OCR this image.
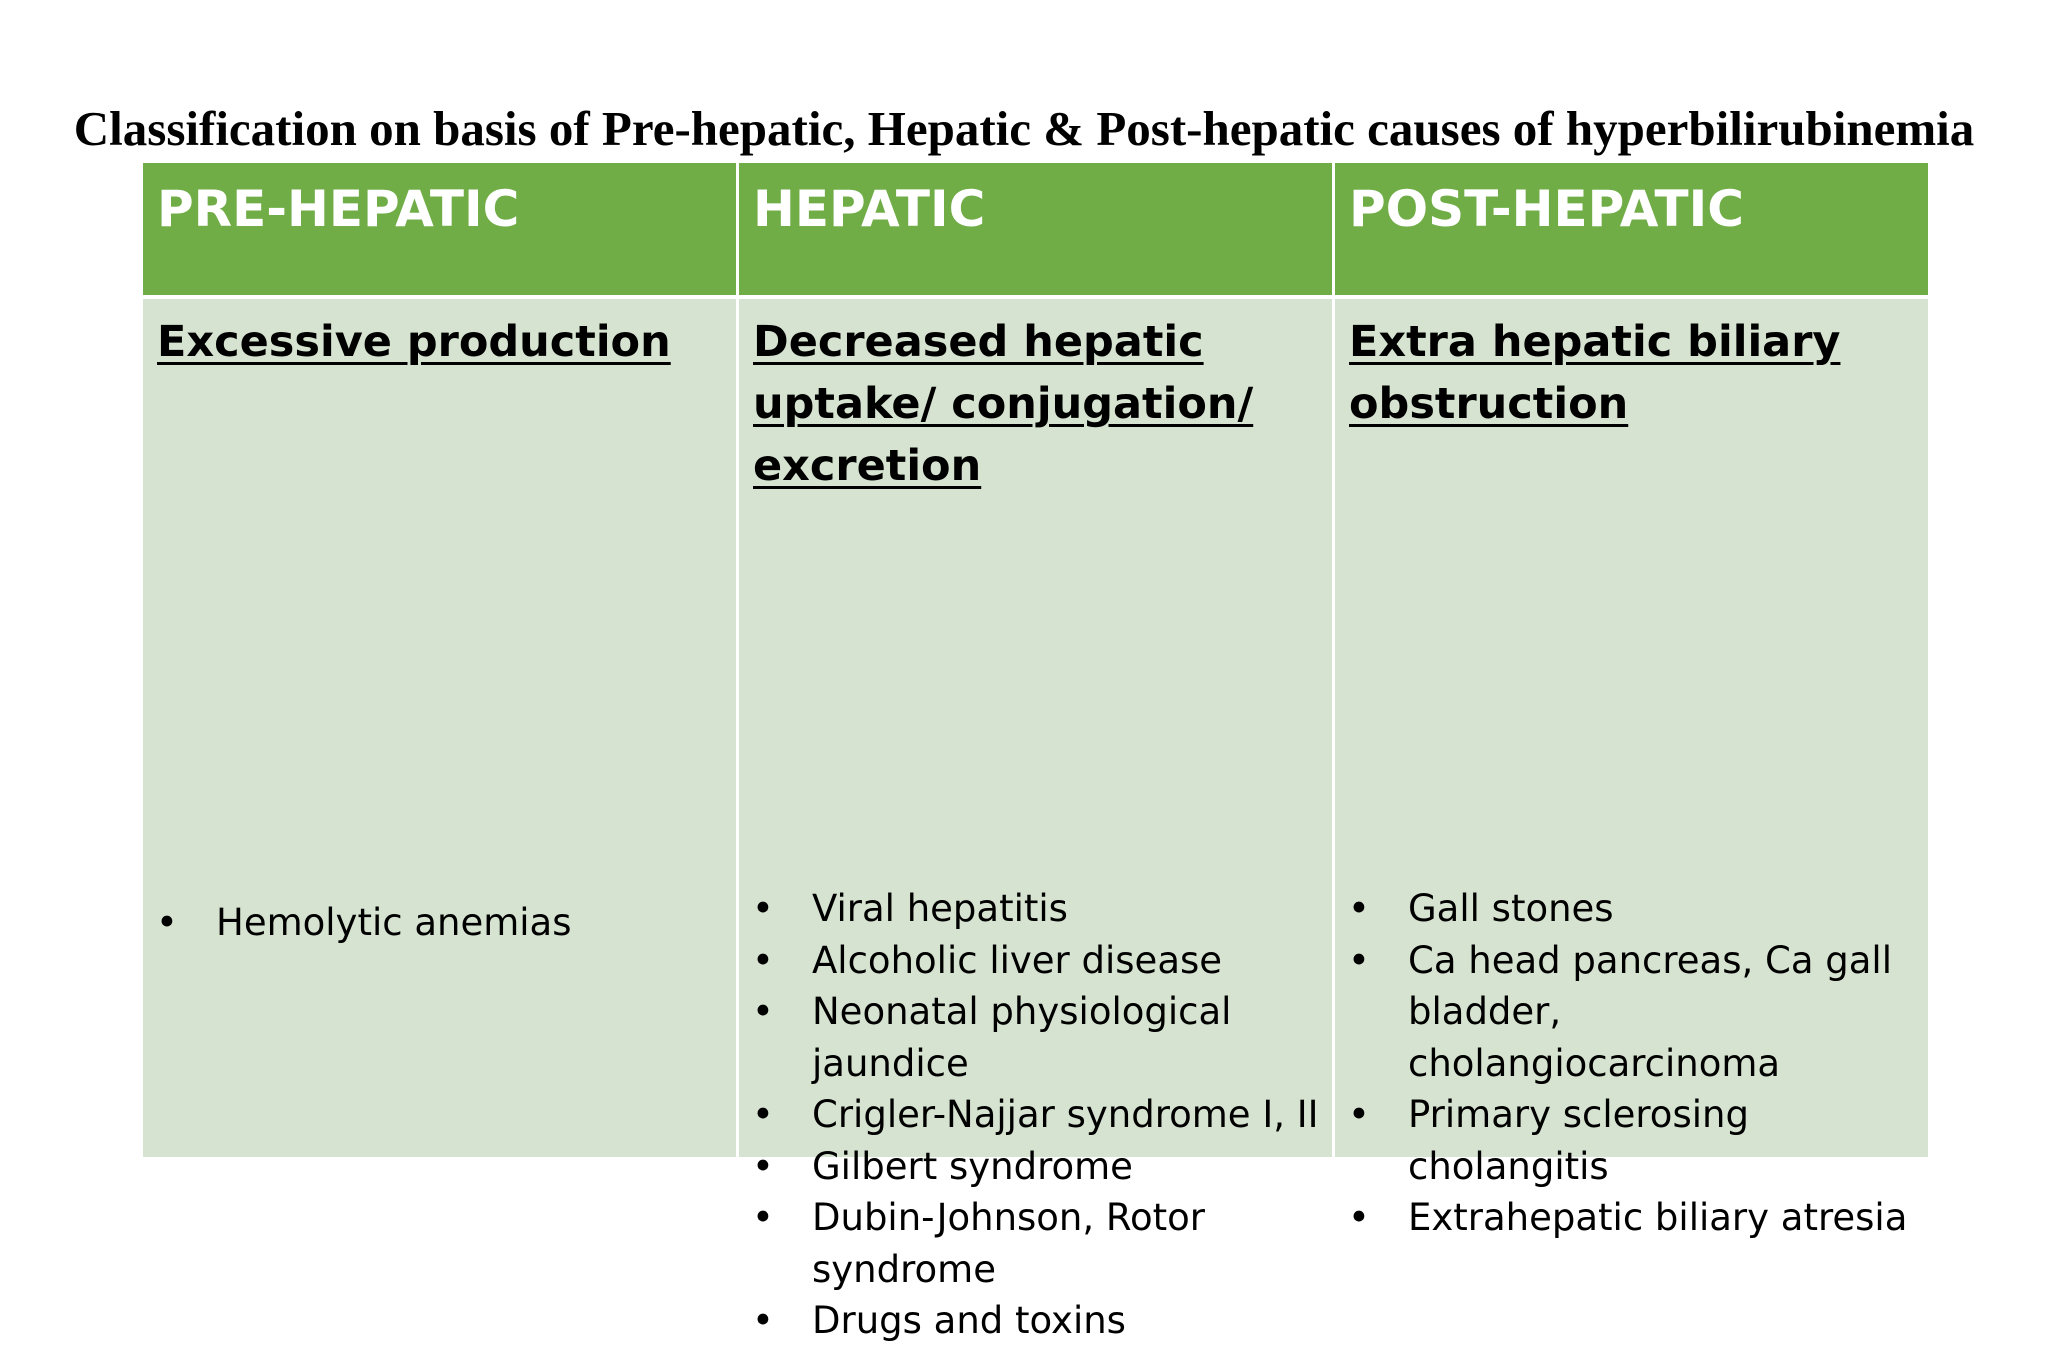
Classification on basis of Pre-hepatic, Hepatic & Post-hepatic causes of hyperbilirubinemia
PRE-HEPATIC	HEPATIC	POST-HEPATIC

Excessive production

• Hemolytic anemias

Decreased hepatic uptake/ conjugation/ excretion

• Viral hepatitis
• Alcoholic liver disease
• Neonatal physiological jaundice
• Crigler-Najjar syndrome I, II
• Gilbert syndrome
• Dubin-Johnson, Rotor syndrome
• Drugs and toxins

Extra hepatic biliary obstruction

• Gall stones
• Ca head pancreas, Ca gall bladder, cholangiocarcinoma
• Primary sclerosing cholangitis
• Extrahepatic biliary atresia
